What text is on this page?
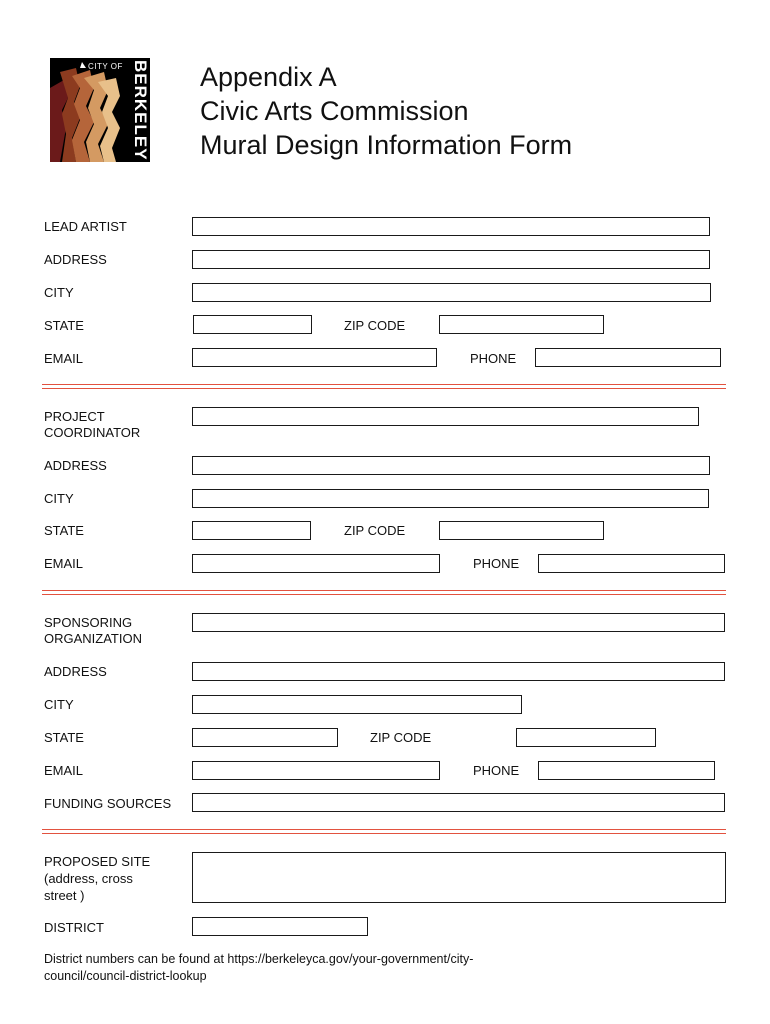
CITY OF BERKELEY Appendix A
Civic Arts Commission
Mural Design Information Form
LEAD ARTIST
ADDRESS
CITY
STATE	ZIP CODE
EMAIL	PHONE
PROJECT
COORDINATOR
ADDRESS
CITY
STATE	ZIP CODE
EMAIL	PHONE
SPONSORING
ORGANIZATION
ADDRESS
CITY
STATE	ZIP CODE
EMAIL	PHONE
FUNDING SOURCES
PROPOSED SITE
(address, cross
street )
DISTRICT
District numbers can be found at https://berkeleyca.gov/your-government/city-council/council-district-lookup
